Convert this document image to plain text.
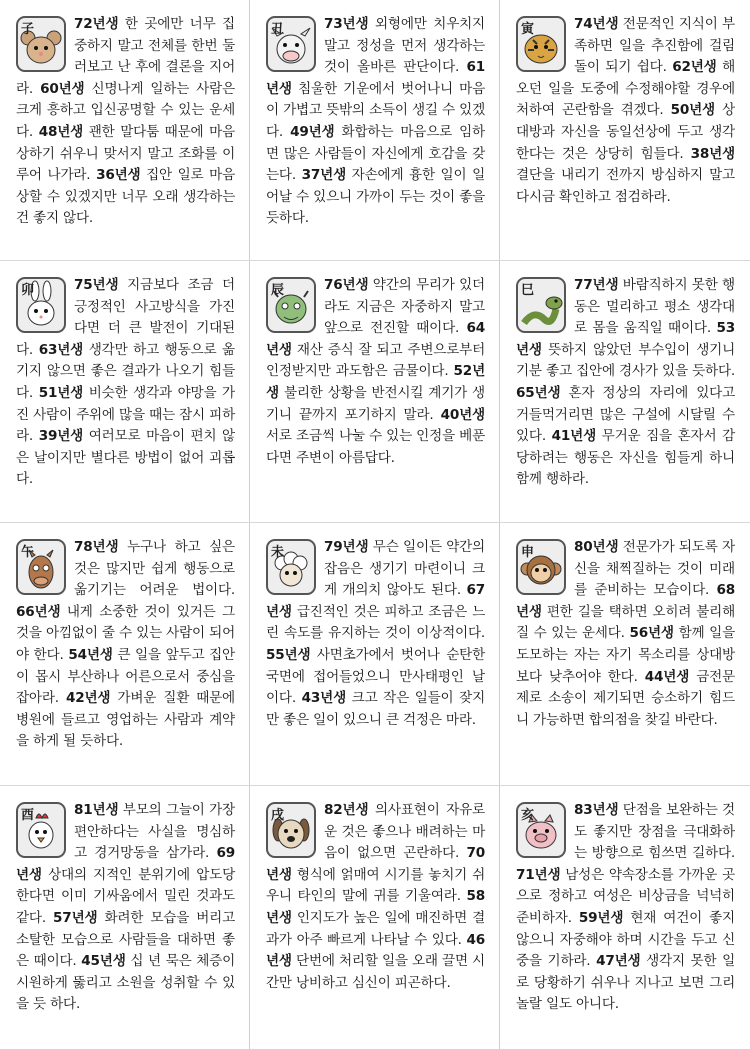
子	72년생 한 곳에만 너무 집중하지 말고 전체를 한번 둘러보고 난 후에 결론을 지어라. 60년생 신명나게 일하는 사람은 크게 흥하고 입신공명할 수 있는 운세다. 48년생 괜한 말다툼 때문에 마음 상하기 쉬우니 맞서지 말고 조화를 이루어 나가라. 36년생 집안 일로 마음 상할 수 있겠지만 너무 오래 생각하는 건 좋지 않다.
丑	73년생 외형에만 치우치지 말고 정성을 먼저 생각하는 것이 올바른 판단이다. 61년생 침울한 기운에서 벗어나니 마음이 가볍고 뜻밖의 소득이 생길 수 있겠다. 49년생 화합하는 마음으로 임하면 많은 사람들이 자신에게 호감을 갖는다. 37년생 자손에게 흉한 일이 일어날 수 있으니 가까이 두는 것이 좋을 듯하다.
寅	74년생 전문적인 지식이 부족하면 일을 추진함에 걸림돌이 되기 쉽다. 62년생 해오던 일을 도중에 수정해야할 경우에 처하여 곤란함을 겪겠다. 50년생 상대방과 자신을 동일선상에 두고 생각한다는 것은 상당히 힘들다. 38년생 결단을 내리기 전까지 방심하지 말고 다시금 확인하고 점검하라.
卯	75년생 지금보다 조금 더 긍정적인 사고방식을 가진다면 더 큰 발전이 기대된다. 63년생 생각만 하고 행동으로 옮기지 않으면 좋은 결과가 나오기 힘들다. 51년생 비슷한 생각과 야망을 가진 사람이 주위에 많을 때는 잠시 피하라. 39년생 여러모로 마음이 편치 않은 날이지만 별다른 방법이 없어 괴롭다.
辰	76년생 약간의 무리가 있더라도 지금은 자중하지 말고 앞으로 전진할 때이다. 64년생 재산 증식 잘 되고 주변으로부터 인정받지만 과도함은 금물이다. 52년생 불리한 상황을 반전시킬 계기가 생기니 끝까지 포기하지 말라. 40년생 서로 조금씩 나눌 수 있는 인정을 베푼다면 주변이 아름답다.
巳	77년생 바람직하지 못한 행동은 멀리하고 평소 생각대로 몸을 움직일 때이다. 53년생 뜻하지 않았던 부수입이 생기니 기분 좋고 집안에 경사가 있을 듯하다. 65년생 혼자 정상의 자리에 있다고 거들먹거리면 많은 구설에 시달릴 수 있다. 41년생 무거운 짐을 혼자서 감당하려는 행동은 자신을 힘들게 하니 함께 행하라.
午	78년생 누구나 하고 싶은 것은 많지만 쉽게 행동으로 옮기기는 어려운 법이다. 66년생 내게 소중한 것이 있거든 그것을 아낌없이 줄 수 있는 사람이 되어야 한다. 54년생 큰 일을 앞두고 집안이 몹시 부산하나 어른으로서 중심을 잡아라. 42년생 가벼운 질환 때문에 병원에 들르고 영업하는 사람과 계약을 하게 될 듯하다.
未	79년생 무슨 일이든 약간의 잡음은 생기기 마련이니 크게 개의치 않아도 된다. 67년생 급진적인 것은 피하고 조금은 느린 속도를 유지하는 것이 이상적이다. 55년생 사면초가에서 벗어나 순탄한 국면에 접어들었으니 만사태평인 날이다. 43년생 크고 작은 일들이 잦지만 좋은 일이 있으니 큰 걱정은 마라.
申	80년생 전문가가 되도록 자신을 채찍질하는 것이 미래를 준비하는 모습이다. 68년생 편한 길을 택하면 오히려 불리해질 수 있는 운세다. 56년생 함께 일을 도모하는 자는 자기 목소리를 상대방보다 낮추어야 한다. 44년생 금전문제로 소송이 제기되면 승소하기 힘드니 가능하면 합의점을 찾길 바란다.
酉	81년생 부모의 그늘이 가장 편안하다는 사실을 명심하고 경거망동을 삼가라. 69년생 상대의 지적인 분위기에 압도당한다면 이미 기싸움에서 밀린 것과도 같다. 57년생 화려한 모습을 버리고 소탈한 모습으로 사람들을 대하면 좋은 때이다. 45년생 십 년 묵은 체증이 시원하게 뚫리고 소원을 성취할 수 있을 듯 하다.
戌	82년생 의사표현이 자유로운 것은 좋으나 배려하는 마음이 없으면 곤란하다. 70년생 형식에 얽매여 시기를 놓치기 쉬우니 타인의 말에 귀를 기울여라. 58년생 인지도가 높은 일에 매진하면 결과가 아주 빠르게 나타날 수 있다. 46년생 단번에 처리할 일을 오래 끌면 시간만 낭비하고 심신이 피곤하다.
亥	83년생 단점을 보완하는 것도 좋지만 장점을 극대화하는 방향으로 힘쓰면 길하다. 71년생 남성은 약속장소를 가까운 곳으로 정하고 여성은 비상금을 넉넉히 준비하자. 59년생 현재 여건이 좋지않으니 자중해야 하며 시간을 두고 신중을 기하라. 47년생 생각지 못한 일로 당황하기 쉬우나 지나고 보면 그리 놀랄 일도 아니다.
